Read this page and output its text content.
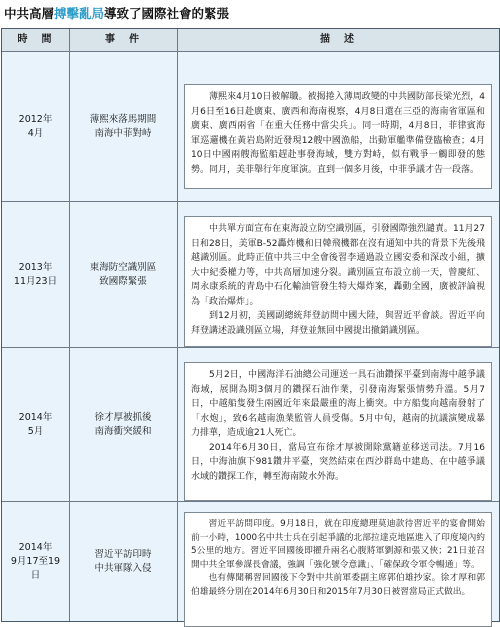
中共高層搏擊亂局導致了國際社會的緊張
時　間	事　件	描　述
2012年
4月
薄熙來落馬期間
南海中菲對峙

薄熙來4月10日被解職。被揭捲入薄周政變的中共國防部長梁光烈，4月6日至16日赴廣東、廣西和海南視察，4月8日還在三亞的海南省軍區和廣東、廣西兩省「在重大任務中當尖兵」。同一時期，4月8日，菲律賓海軍巡邏機在黃岩島附近發現12艘中國漁船，出動軍艦準備登臨檢查；4月10日中國兩艘海監船趕赴事發海域，雙方對峙，似有戰爭一觸即發的態勢。同月，美菲舉行年度軍演。直到一個多月後，中菲爭議才告一段落。

2013年
11月23日
東海防空識別區
致國際緊張

中共單方面宣布在東海設立防空識別區，引發國際強烈譴責。11月27日和28日，美軍B-52轟炸機和日韓飛機都在沒有通知中共的背景下先後飛越識別區。此時正值中共三中全會後習李通過設立國安委和深改小組，擴大中紀委權力等，中共高層加速分裂。識別區宣布設立前一天，曾慶紅、周永康系統的青島中石化輸油管發生特大爆炸案，轟動全國，廣被評論視為「政治爆炸」。

到12月初，美國副總統拜登訪問中國大陸，與習近平會談。習近平向拜登講述設識別區立場，拜登並無回中國提出撤銷識別區。

2014年
5月
徐才厚被抓後
南海衝突緩和

5月2日，中國海洋石油總公司運送一具石油鑽探平臺到南海中越爭議海域，展開為期3個月的鑽探石油作業，引發南海緊張情勢升溫。5月7日，中越船隻發生兩國近年來最嚴重的海上衝突。中方船隻向越南發射了「水炮」，致6名越南漁業監管人員受傷。5月中旬，越南的抗議演變成暴力排華，造成逾21人死亡。

2014年6月30日，當局宣布徐才厚被開除黨籍並移送司法。7月16日，中海油旗下981鑽井平臺，突然結束在西沙群島中建島、在中越爭議水域的鑽探工作，轉至海南陵水外海。

2014年
9月17至19
日
習近平訪印時
中共軍隊入侵

習近平訪問印度。9月18日，就在印度總理莫迪款待習近平的宴會開始前一小時，1000名中共士兵在引起爭議的北部拉達克地區進入了印度境內約5公里的地方。習近平回國後即擢升兩名心腹將軍劉源和張又俠；21日並召開中共全軍參謀長會議，強調「強化號令意識」、「確保政令軍令暢通」等。

也有傳聞稱習回國後下令對中共前軍委副主席郭伯雄抄家。徐才厚和郭伯雄最終分別在2014年6月30日和2015年7月30日被習當局正式做出。
